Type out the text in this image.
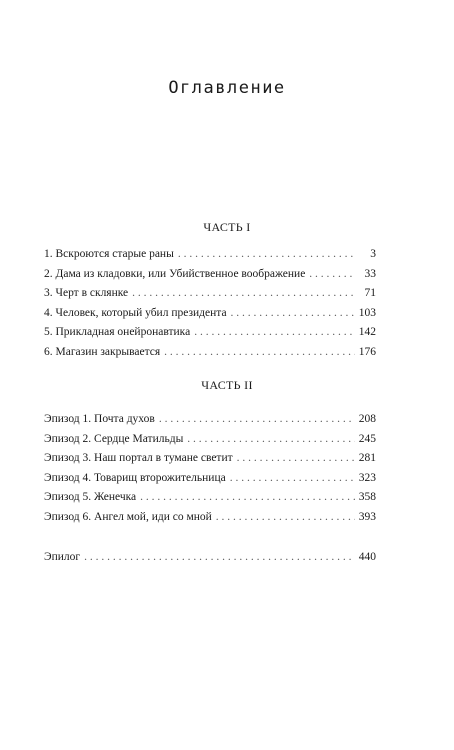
Оглавление
ЧАСТЬ I
1. Вскроются старые раны . . .	3
2. Дама из кладовки, или Убийственное воображение . . .	33
3. Черт в склянке . . .	71
4. Человек, который убил президента . . .	103
5. Прикладная онейронавтика . . .	142
6. Магазин закрывается . . .	176
ЧАСТЬ II
Эпизод 1. Почта духов . . .	208
Эпизод 2. Сердце Матильды . . .	245
Эпизод 3. Наш портал в тумане светит . . .	281
Эпизод 4. Товарищ второжительница . . .	323
Эпизод 5. Женечка . . .	358
Эпизод 6. Ангел мой, иди со мной . . .	393
Эпилог . . .	440
